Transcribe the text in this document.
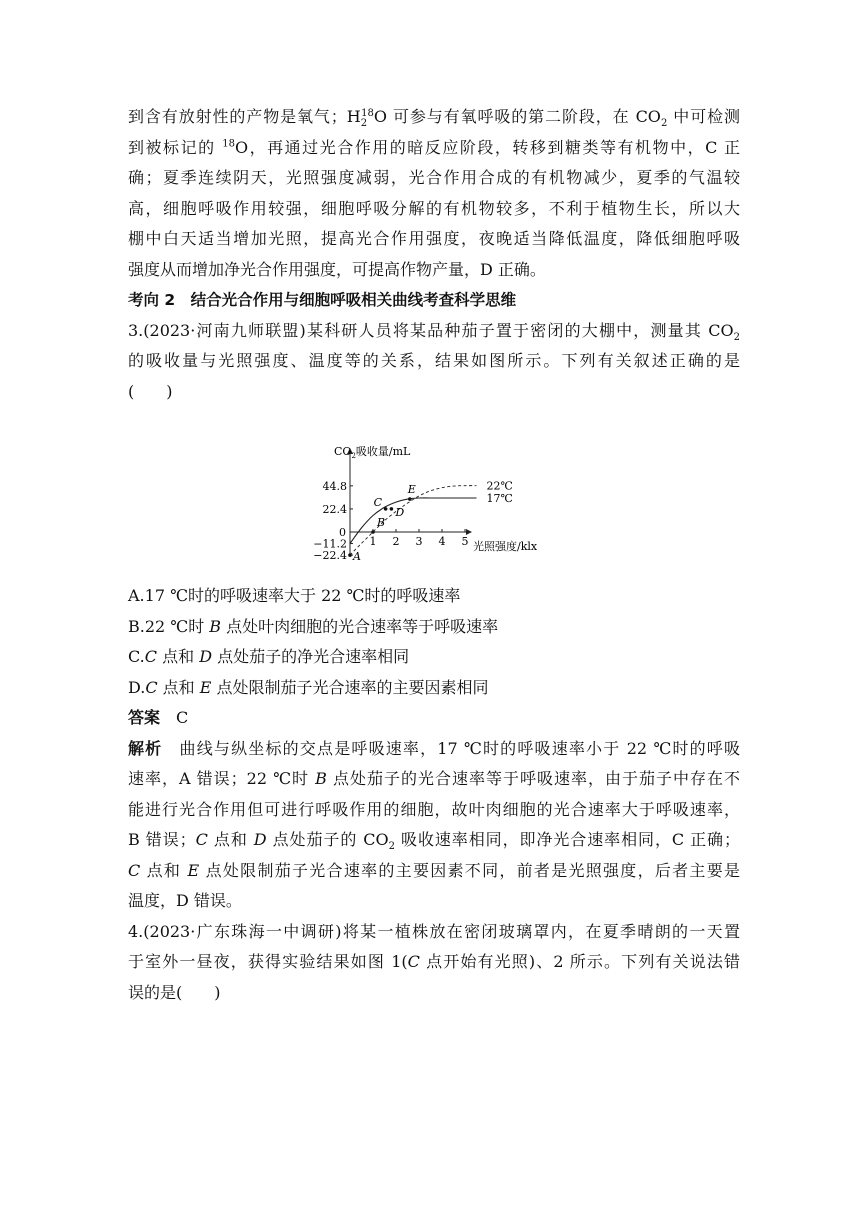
到含有放射性的产物是氧气；$H_2^{18}O$ 可参与有氧呼吸的第二阶段，在 $CO_2$ 中可检测

到被标记的 $^{18}$O，再通过光合作用的暗反应阶段，转移到糖类等有机物中，C 正

确；夏季连续阴天，光照强度减弱，光合作用合成的有机物减少，夏季的气温较

高，细胞呼吸作用较强，细胞呼吸分解的有机物较多，不利于植物生长，所以大

棚中白天适当增加光照，提高光合作用强度，夜晚适当降低温度，降低细胞呼吸

强度从而增加净光合作用强度，可提高作物产量，D 正确。

考向 2　结合光合作用与细胞呼吸相关曲线考查科学思维

3.(2023·河南九师联盟)某科研人员将某品种茄子置于密闭的大棚中，测量其 $CO_2$

的吸收量与光照强度、温度等的关系，结果如图所示。下列有关叙述正确的是

(　　)

1 2 3 4 5
44.8
22.4
0
−11.2
−22.4
22℃
17℃
A
B
C
D
E
$CO_2$吸收量/mL
光照强度/klx

A.17 ℃时的呼吸速率大于 22 ℃时的呼吸速率

B.22 ℃时 B 点处叶肉细胞的光合速率等于呼吸速率

C.C 点和 D 点处茄子的净光合速率相同

D.C 点和 E 点处限制茄子光合速率的主要因素相同

答案　 C

解析　曲线与纵坐标的交点是呼吸速率，17 ℃时的呼吸速率小于 22 ℃时的呼吸

速率，A 错误；22 ℃时 B 点处茄子的光合速率等于呼吸速率，由于茄子中存在不

能进行光合作用但可进行呼吸作用的细胞，故叶肉细胞的光合速率大于呼吸速率，

B 错误；C 点和 D 点处茄子的 $CO_2$ 吸收速率相同，即净光合速率相同，C 正确；

C 点和 E 点处限制茄子光合速率的主要因素不同，前者是光照强度，后者主要是

温度，D 错误。

4.(2023·广东珠海一中调研)将某一植株放在密闭玻璃罩内，在夏季晴朗的一天置

于室外一昼夜，获得实验结果如图 1(C 点开始有光照)、2 所示。下列有关说法错

误的是(　　)
